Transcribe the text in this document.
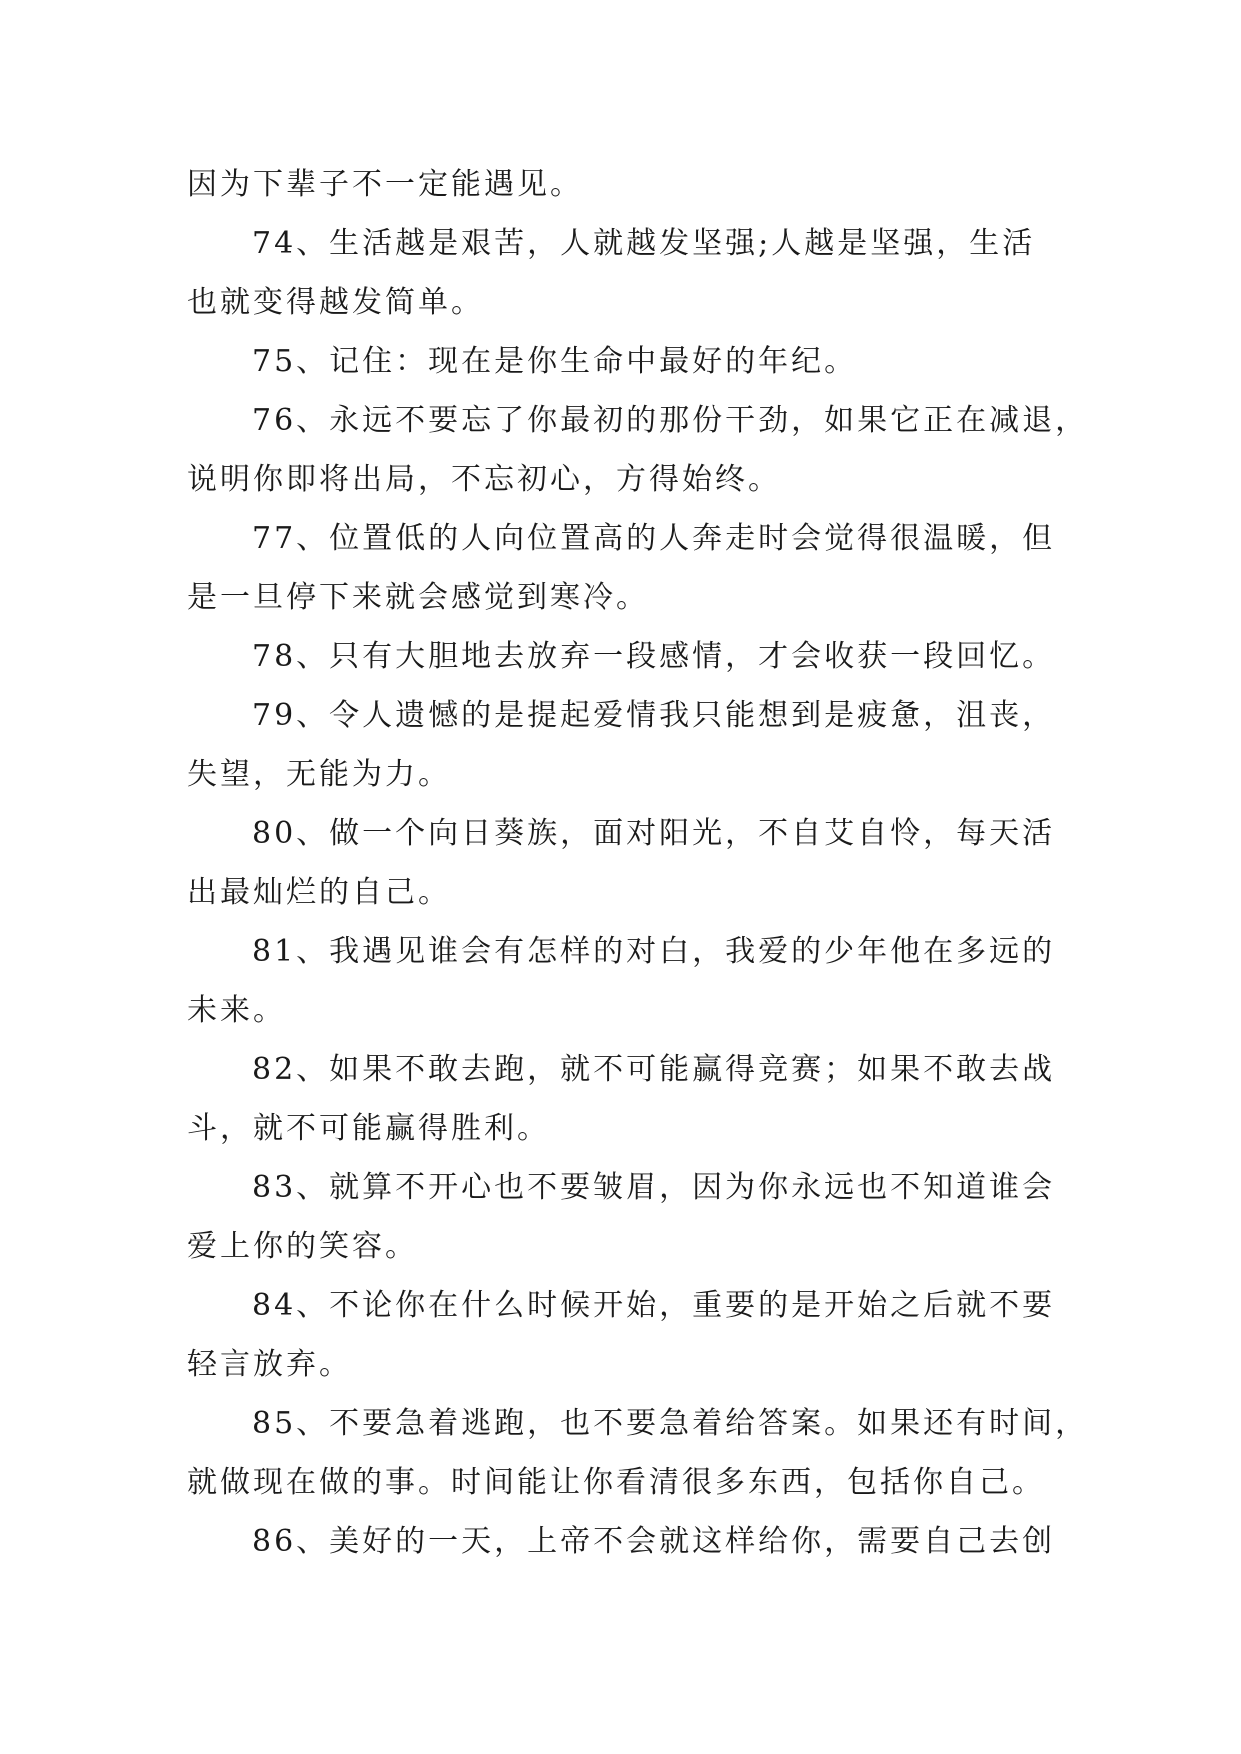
因为下辈子不一定能遇见。
74、生活越是艰苦，人就越发坚强;人越是坚强，生活
也就变得越发简单。
75、记住：现在是你生命中最好的年纪。
76、永远不要忘了你最初的那份干劲，如果它正在减退，
说明你即将出局，不忘初心，方得始终。
77、位置低的人向位置高的人奔走时会觉得很温暖，但
是一旦停下来就会感觉到寒冷。
78、只有大胆地去放弃一段感情，才会收获一段回忆。
79、令人遗憾的是提起爱情我只能想到是疲惫，沮丧，
失望，无能为力。
80、做一个向日葵族，面对阳光，不自艾自怜，每天活
出最灿烂的自己。
81、我遇见谁会有怎样的对白，我爱的少年他在多远的
未来。
82、如果不敢去跑，就不可能赢得竞赛；如果不敢去战
斗，就不可能赢得胜利。
83、就算不开心也不要皱眉，因为你永远也不知道谁会
爱上你的笑容。
84、不论你在什么时候开始，重要的是开始之后就不要
轻言放弃。
85、不要急着逃跑，也不要急着给答案。如果还有时间，
就做现在做的事。时间能让你看清很多东西，包括你自己。
86、美好的一天，上帝不会就这样给你，需要自己去创
